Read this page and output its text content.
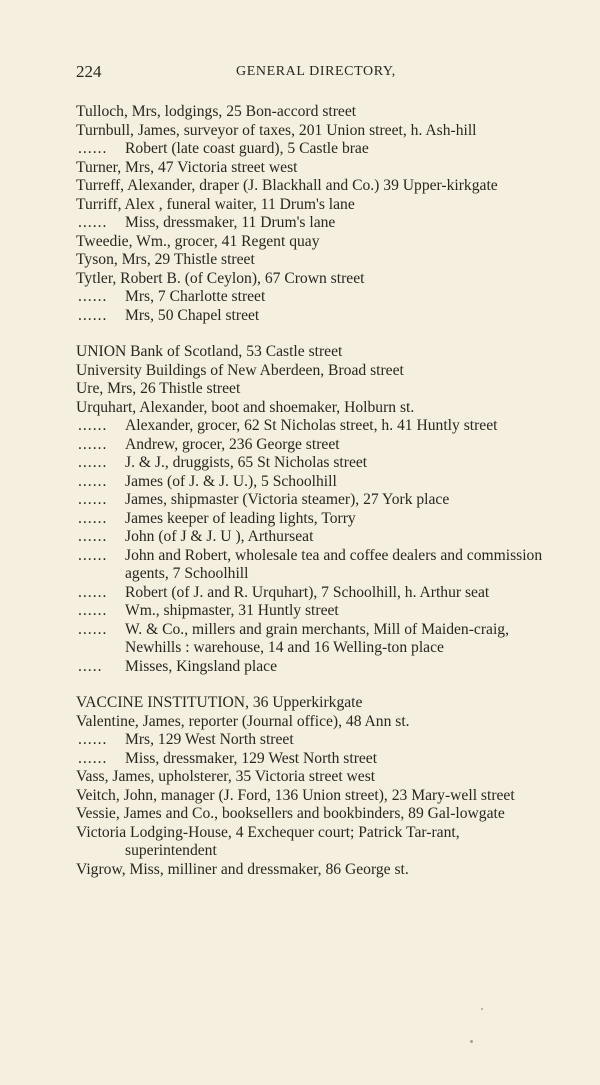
224	GENERAL DIRECTORY,

Tulloch, Mrs, lodgings, 25 Bon-accord street

Turnbull, James, surveyor of taxes, 201 Union street, h. Ash-hill

...... Robert (late coast guard), 5 Castle brae

Turner, Mrs, 47 Victoria street west

Turreff, Alexander, draper (J. Blackhall and Co.) 39 Upper-kirkgate

Turriff, Alex , funeral waiter, 11 Drum's lane

...... Miss, dressmaker, 11 Drum's lane

Tweedie, Wm., grocer, 41 Regent quay

Tyson, Mrs, 29 Thistle street

Tytler, Robert B. (of Ceylon), 67 Crown street

...... Mrs, 7 Charlotte street

...... Mrs, 50 Chapel street

UNION Bank of Scotland, 53 Castle street

University Buildings of New Aberdeen, Broad street

Ure, Mrs, 26 Thistle street

Urquhart, Alexander, boot and shoemaker, Holburn st.

...... Alexander, grocer, 62 St Nicholas street, h. 41 Huntly street

...... Andrew, grocer, 236 George street

...... J. & J., druggists, 65 St Nicholas street

...... James (of J. & J. U.), 5 Schoolhill

...... James, shipmaster (Victoria steamer), 27 York place

...... James keeper of leading lights, Torry

...... John (of J & J. U ), Arthurseat

...... John and Robert, wholesale tea and coffee dealers and commission agents, 7 Schoolhill

...... Robert (of J. and R. Urquhart), 7 Schoolhill, h. Arthur seat

...... Wm., shipmaster, 31 Huntly street

...... W. & Co., millers and grain merchants, Mill of Maiden-craig, Newhills : warehouse, 14 and 16 Welling-ton place

..... Misses, Kingsland place

VACCINE INSTITUTION, 36 Upperkirkgate

Valentine, James, reporter (Journal office), 48 Ann st.

...... Mrs, 129 West North street

...... Miss, dressmaker, 129 West North street

Vass, James, upholsterer, 35 Victoria street west

Veitch, John, manager (J. Ford, 136 Union street), 23 Mary-well street

Vessie, James and Co., booksellers and bookbinders, 89 Gal-lowgate

Victoria Lodging-House, 4 Exchequer court; Patrick Tar-rant, superintendent

Vigrow, Miss, milliner and dressmaker, 86 George st.
